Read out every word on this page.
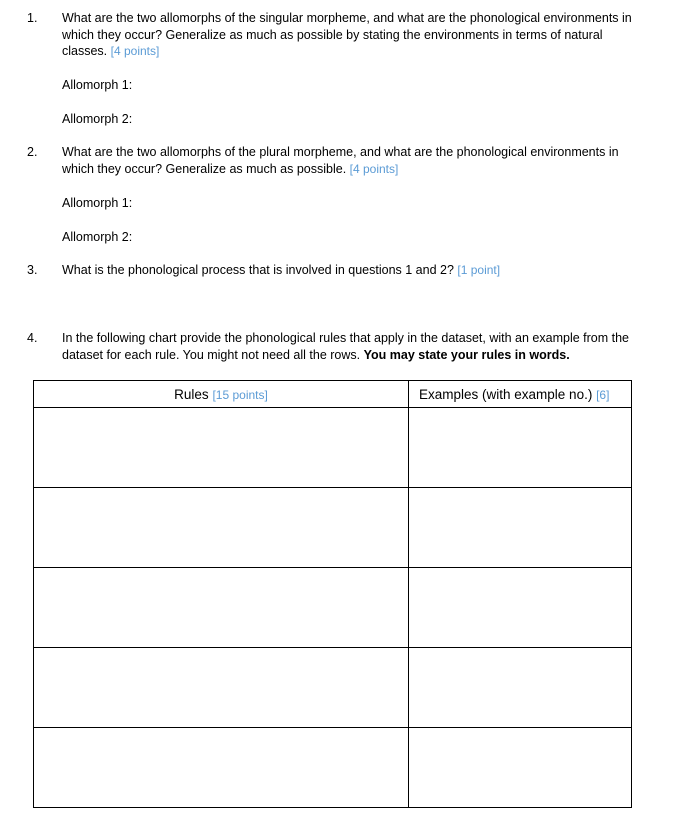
1. What are the two allomorphs of the singular morpheme, and what are the phonological environments in which they occur? Generalize as much as possible by stating the environments in terms of natural classes. [4 points]
Allomorph 1:
Allomorph 2:
2. What are the two allomorphs of the plural morpheme, and what are the phonological environments in which they occur? Generalize as much as possible. [4 points]
Allomorph 1:
Allomorph 2:
3. What is the phonological process that is involved in questions 1 and 2? [1 point]
4. In the following chart provide the phonological rules that apply in the dataset, with an example from the dataset for each rule. You might not need all the rows. You may state your rules in words.
Rules [15 points]	Examples (with example no.) [6]
